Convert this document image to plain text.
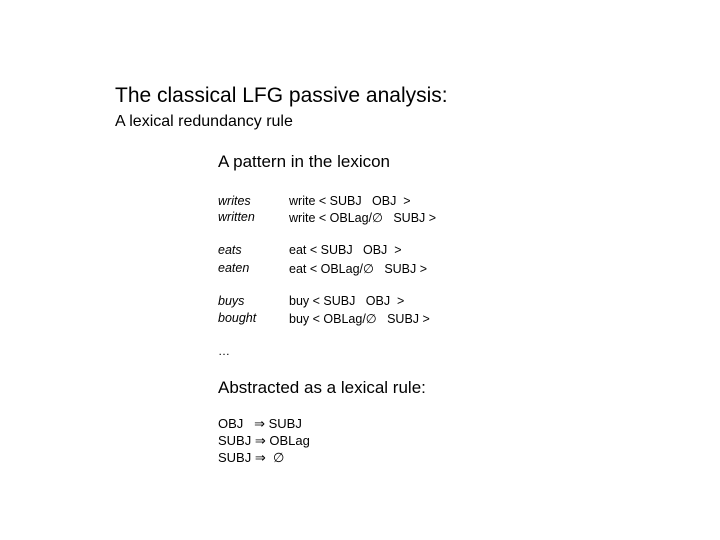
The classical LFG passive analysis:
A lexical redundancy rule
A pattern in the lexicon
writes	write < SUBJ   OBJ  >
written	write < OBLag/∅   SUBJ >
eats	eat < SUBJ   OBJ  >
eaten	eat < OBLag/∅   SUBJ >
buys	buy < SUBJ   OBJ  >
bought	buy < OBLag/∅   SUBJ >
…
Abstracted as a lexical rule:
OBJ   ⇒ SUBJ
SUBJ ⇒ OBLag
SUBJ ⇒  ∅
